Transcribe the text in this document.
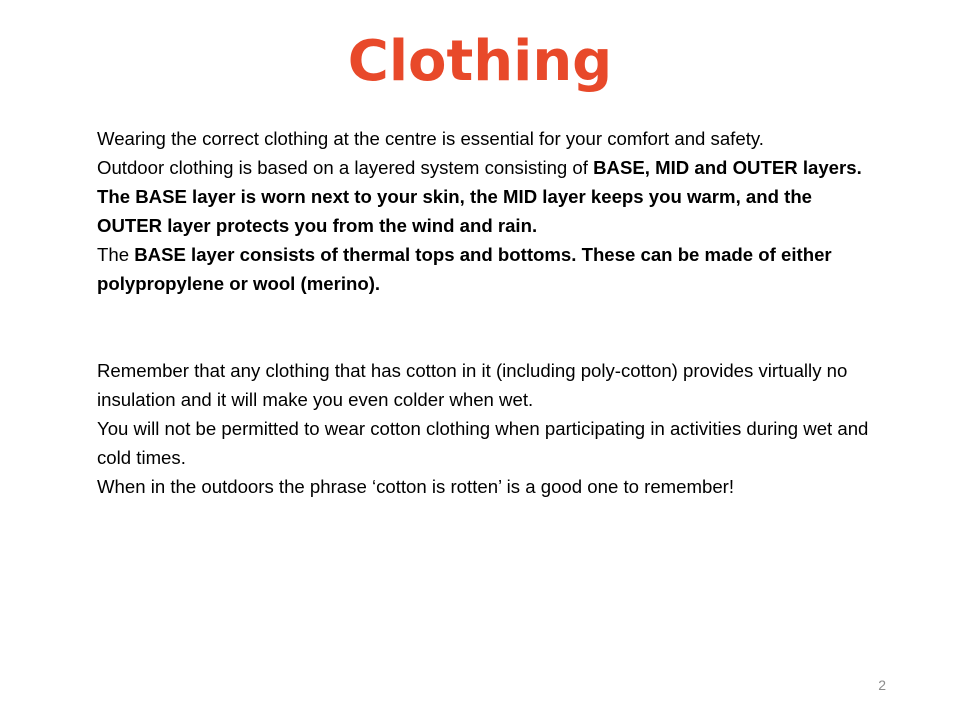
Clothing

Wearing the correct clothing at the centre is essential for your comfort and safety.

Outdoor clothing is based on a layered system consisting of BASE, MID and OUTER layers.

The BASE layer is worn next to your skin, the MID layer keeps you warm, and the OUTER layer protects you from the wind and rain.

The BASE layer consists of thermal tops and bottoms. These can be made of either polypropylene or wool (merino).

Remember that any clothing that has cotton in it (including poly-cotton) provides virtually no insulation and it will make you even colder when wet.

You will not be permitted to wear cotton clothing when participating in activities during wet and cold times.

When in the outdoors the phrase ‘cotton is rotten’ is a good one to remember!

2
